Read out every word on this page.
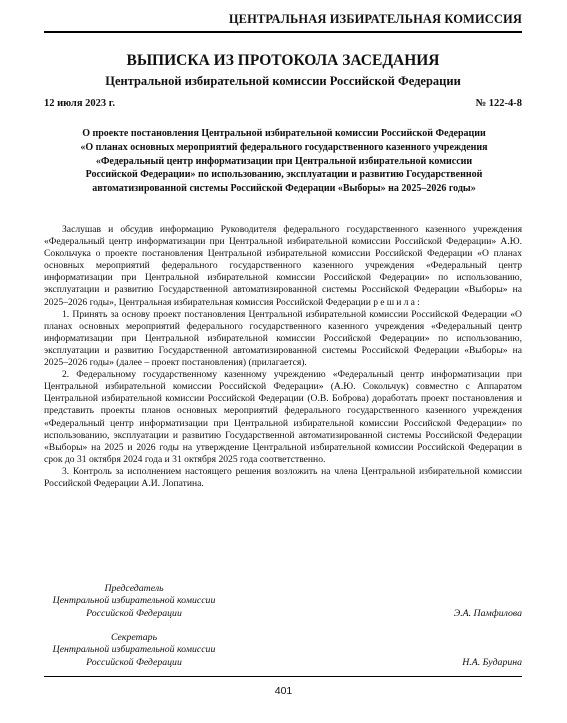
ЦЕНТРАЛЬНАЯ ИЗБИРАТЕЛЬНАЯ КОМИССИЯ
ВЫПИСКА ИЗ ПРОТОКОЛА ЗАСЕДАНИЯ
Центральной избирательной комиссии Российской Федерации
12 июля 2023 г.	№ 122-4-8
О проекте постановления Центральной избирательной комиссии Российской Федерации «О планах основных мероприятий федерального государственного казенного учреждения «Федеральный центр информатизации при Центральной избирательной комиссии Российской Федерации» по использованию, эксплуатации и развитию Государственной автоматизированной системы Российской Федерации «Выборы» на 2025–2026 годы»

Заслушав и обсудив информацию Руководителя федерального государственного казенного учреждения «Федеральный центр информатизации при Центральной избирательной комиссии Российской Федерации» А.Ю. Сокольчука о проекте постановления Центральной избирательной комиссии Российской Федерации «О планах основных мероприятий федерального государственного казенного учреждения «Федеральный центр информатизации при Центральной избирательной комиссии Российской Федерации» по использованию, эксплуатации и развитию Государственной автоматизированной системы Российской Федерации «Выборы» на 2025–2026 годы», Центральная избирательная комиссия Российской Федерации решила:

1. Принять за основу проект постановления Центральной избирательной комиссии Российской Федерации «О планах основных мероприятий федерального государственного казенного учреждения «Федеральный центр информатизации при Центральной избирательной комиссии Российской Федерации» по использованию, эксплуатации и развитию Государственной автоматизированной системы Российской Федерации «Выборы» на 2025–2026 годы» (далее – проект постановления) (прилагается).

2. Федеральному государственному казенному учреждению «Федеральный центр информатизации при Центральной избирательной комиссии Российской Федерации» (А.Ю. Сокольчук) совместно с Аппаратом Центральной избирательной комиссии Российской Федерации (О.В. Боброва) доработать проект постановления и представить проекты планов основных мероприятий федерального государственного казенного учреждения «Федеральный центр информатизации при Центральной избирательной комиссии Российской Федерации» по использованию, эксплуатации и развитию Государственной автоматизированной системы Российской Федерации «Выборы» на 2025 и 2026 годы на утверждение Центральной избирательной комиссии Российской Федерации в срок до 31 октября 2024 года и 31 октября 2025 года соответственно.

3. Контроль за исполнением настоящего решения возложить на члена Центральной избирательной комиссии Российской Федерации А.И. Лопатина.

Председатель
Центральной избирательной комиссии
Российской Федерации	Э.А. Памфилова
Секретарь
Центральной избирательной комиссии
Российской Федерации	Н.А. Бударина
401
